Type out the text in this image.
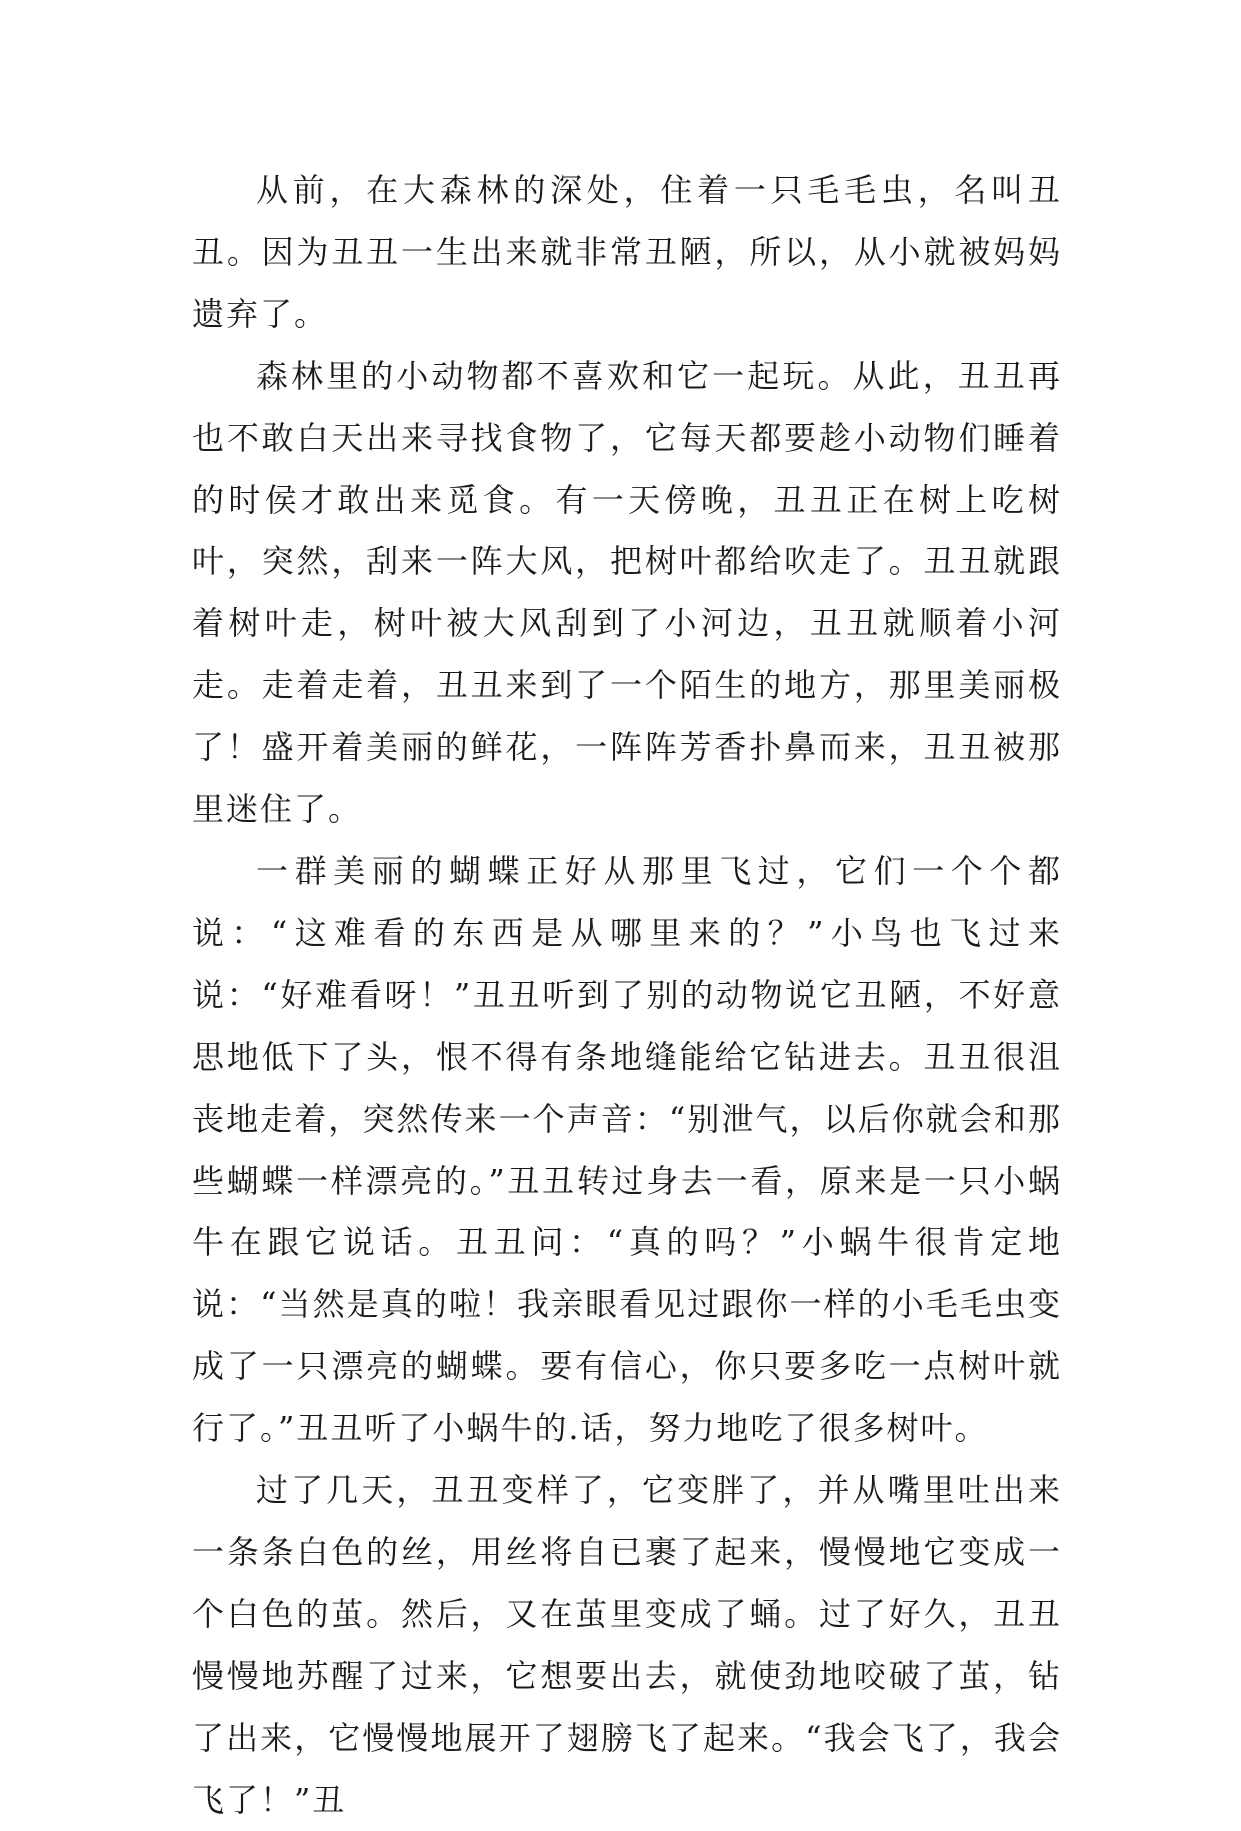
从前，在大森林的深处，住着一只毛毛虫，名叫丑丑。因为丑丑一生出来就非常丑陋，所以，从小就被妈妈遗弃了。

森林里的小动物都不喜欢和它一起玩。从此，丑丑再也不敢白天出来寻找食物了，它每天都要趁小动物们睡着的时侯才敢出来觅食。有一天傍晚，丑丑正在树上吃树叶，突然，刮来一阵大风，把树叶都给吹走了。丑丑就跟着树叶走，树叶被大风刮到了小河边，丑丑就顺着小河走。走着走着，丑丑来到了一个陌生的地方，那里美丽极了！盛开着美丽的鲜花，一阵阵芳香扑鼻而来，丑丑被那里迷住了。

一群美丽的蝴蝶正好从那里飞过，它们一个个都说：“这难看的东西是从哪里来的？”小鸟也飞过来说：“好难看呀！”丑丑听到了别的动物说它丑陋，不好意思地低下了头，恨不得有条地缝能给它钻进去。丑丑很沮丧地走着，突然传来一个声音：“别泄气，以后你就会和那些蝴蝶一样漂亮的。”丑丑转过身去一看，原来是一只小蜗牛在跟它说话。丑丑问：“真的吗？”小蜗牛很肯定地说：“当然是真的啦！我亲眼看见过跟你一样的小毛毛虫变成了一只漂亮的蝴蝶。要有信心，你只要多吃一点树叶就行了。”丑丑听了小蜗牛的.话，努力地吃了很多树叶。

过了几天，丑丑变样了，它变胖了，并从嘴里吐出来一条条白色的丝，用丝将自已裹了起来，慢慢地它变成一个白色的茧。然后，又在茧里变成了蛹。过了好久，丑丑慢慢地苏醒了过来，它想要出去，就使劲地咬破了茧，钻了出来，它慢慢地展开了翅膀飞了起来。“我会飞了，我会飞了！”丑
